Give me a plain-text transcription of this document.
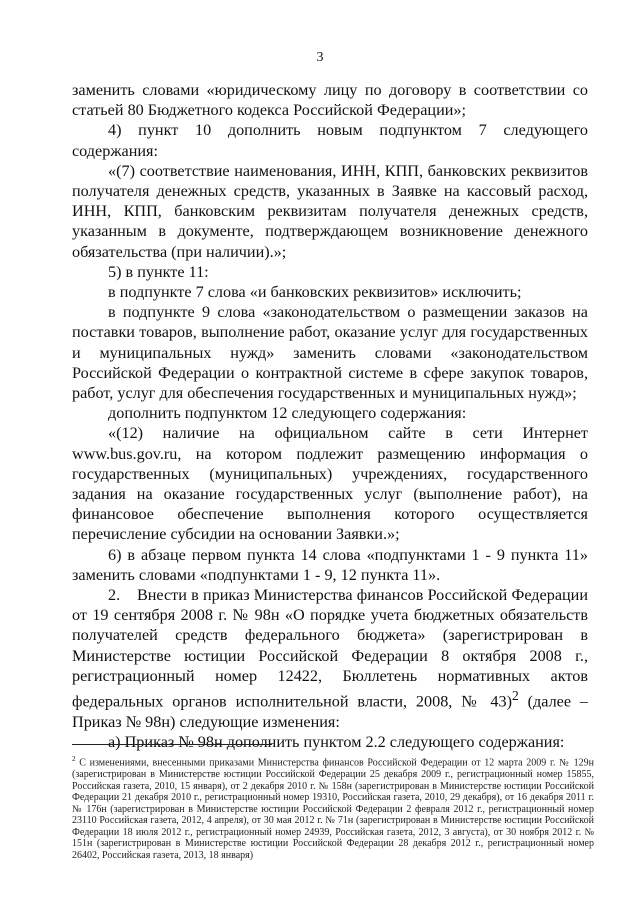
3

заменить словами «юридическому лицу по договору в соответствии со статьей 80 Бюджетного кодекса Российской Федерации»;

4) пункт 10 дополнить новым подпунктом 7 следующего содержания:

«(7) соответствие наименования, ИНН, КПП, банковских реквизитов получателя денежных средств, указанных в Заявке на кассовый расход, ИНН, КПП, банковским реквизитам получателя денежных средств, указанным в документе, подтверждающем возникновение денежного обязательства (при наличии).»;

5) в пункте 11:

в подпункте 7 слова «и банковских реквизитов» исключить;

в подпункте 9 слова «законодательством о размещении заказов на поставки товаров, выполнение работ, оказание услуг для государственных и муниципальных нужд» заменить словами «законодательством Российской Федерации о контрактной системе в сфере закупок товаров, работ, услуг для обеспечения государственных и муниципальных нужд»;

дополнить подпунктом 12 следующего содержания:

«(12) наличие на официальном сайте в сети Интернет www.bus.gov.ru, на котором подлежит размещению информация о государственных (муниципальных) учреждениях, государственного задания на оказание государственных услуг (выполнение работ), на финансовое обеспечение выполнения которого осуществляется перечисление субсидии на основании Заявки.»;

6) в абзаце первом пункта 14 слова «подпунктами 1 - 9 пункта 11» заменить словами «подпунктами 1 - 9, 12 пункта 11».

2. Внести в приказ Министерства финансов Российской Федерации от 19 сентября 2008 г. № 98н «О порядке учета бюджетных обязательств получателей средств федерального бюджета» (зарегистрирован в Министерстве юстиции Российской Федерации 8 октября 2008 г., регистрационный номер 12422, Бюллетень нормативных актов федеральных органов исполнительной власти, 2008, № 43)$^2$ (далее – Приказ № 98н) следующие изменения:

а) Приказ № 98н дополнить пунктом 2.2 следующего содержания:

$^2$ С изменениями, внесенными приказами Министерства финансов Российской Федерации от 12 марта 2009 г. № 129н (зарегистрирован в Министерстве юстиции Российской Федерации 25 декабря 2009 г., регистрационный номер 15855, Российская газета, 2010, 15 января), от 2 декабря 2010 г. № 158н (зарегистрирован в Министерстве юстиции Российской Федерации 21 декабря 2010 г., регистрационный номер 19310, Российская газета, 2010, 29 декабря), от 16 декабря 2011 г. № 176н (зарегистрирован в Министерстве юстиции Российской Федерации 2 февраля 2012 г., регистрационный номер 23110 Российская газета, 2012, 4 апреля), от 30 мая 2012 г. № 71н (зарегистрирован в Министерстве юстиции Российской Федерации 18 июля 2012 г., регистрационный номер 24939, Российская газета, 2012, 3 августа), от 30 ноября 2012 г. № 151н (зарегистрирован в Министерстве юстиции Российской Федерации 28 декабря 2012 г., регистрационный номер 26402, Российская газета, 2013, 18 января)
